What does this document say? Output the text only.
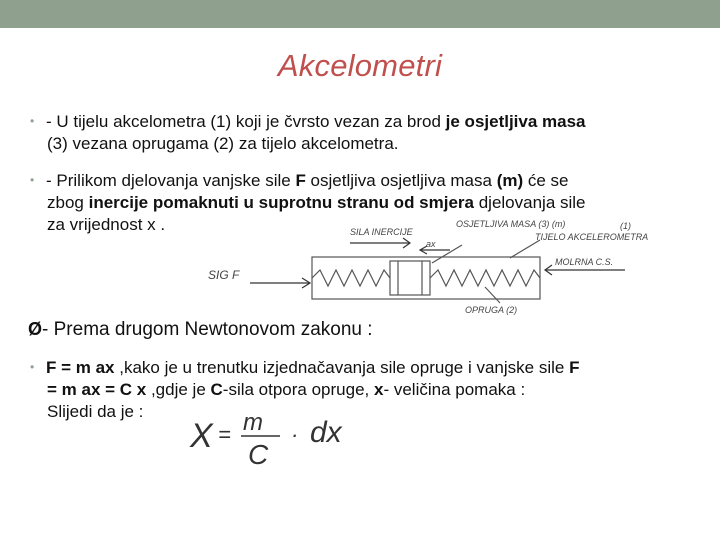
Akcelometri
• - U tijelu akcelometra (1) koji je čvrsto vezan za brod je osjetljiva masa
(3) vezana oprugama (2) za tijelo akcelometra.
• - Prilikom djelovanja vanjske sile F osjetljiva osjetljiva masa (m) će se
zbog inercije pomaknuti u suprotnu stranu od smjera djelovanja sile
za vrijednost x .	SILA INERCIJE
ax
OSJETLJIVA MASA (3) (m)
TIJELO AKCELEROMETRA
(1)
SIG F
MOLRNA C.S.
OPRUGA (2)
Ø- Prema drugom Newtonovom zakonu :
• F = m ax ,kako je u trenutku izjednačavanja sile opruge i vanjske sile F
= m ax = C x ,gdje je C-sila otpora opruge, x- veličina pomaka :
Slijedi da je :
X = m
C
· dx
